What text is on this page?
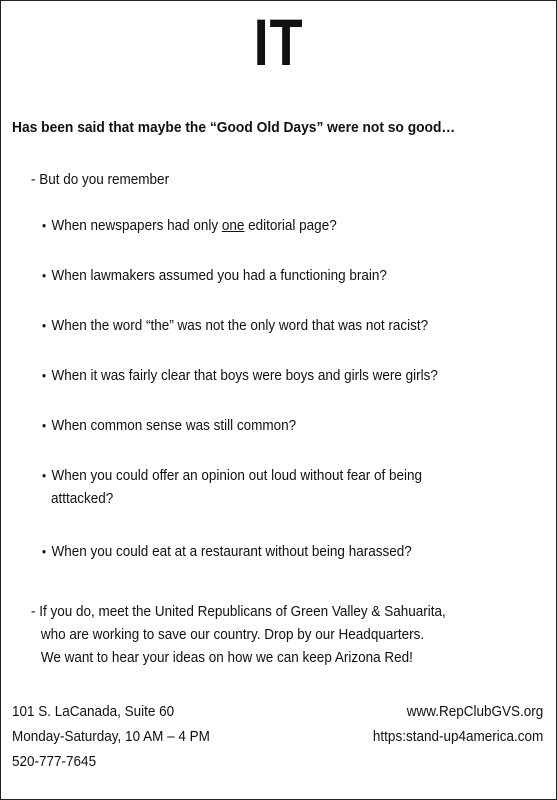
IT
Has been said that maybe the “Good Old Days” were not so good…
- But do you remember
• When newspapers had only one editorial page?
• When lawmakers assumed you had a functioning brain?
• When the word “the” was not the only word that was not racist?
• When it was fairly clear that boys were boys and girls were girls?
• When common sense was still common?
• When you could offer an opinion out loud without fear of being
atttacked?
• When you could eat at a restaurant without being harassed?
- If you do, meet the United Republicans of Green Valley & Sahuarita,
who are working to save our country. Drop by our Headquarters.
We want to hear your ideas on how we can keep Arizona Red!
101 S. LaCanada, Suite 60
Monday-Saturday, 10 AM – 4 PM
520-777-7645
www.RepClubGVS.org
https:stand-up4america.com
